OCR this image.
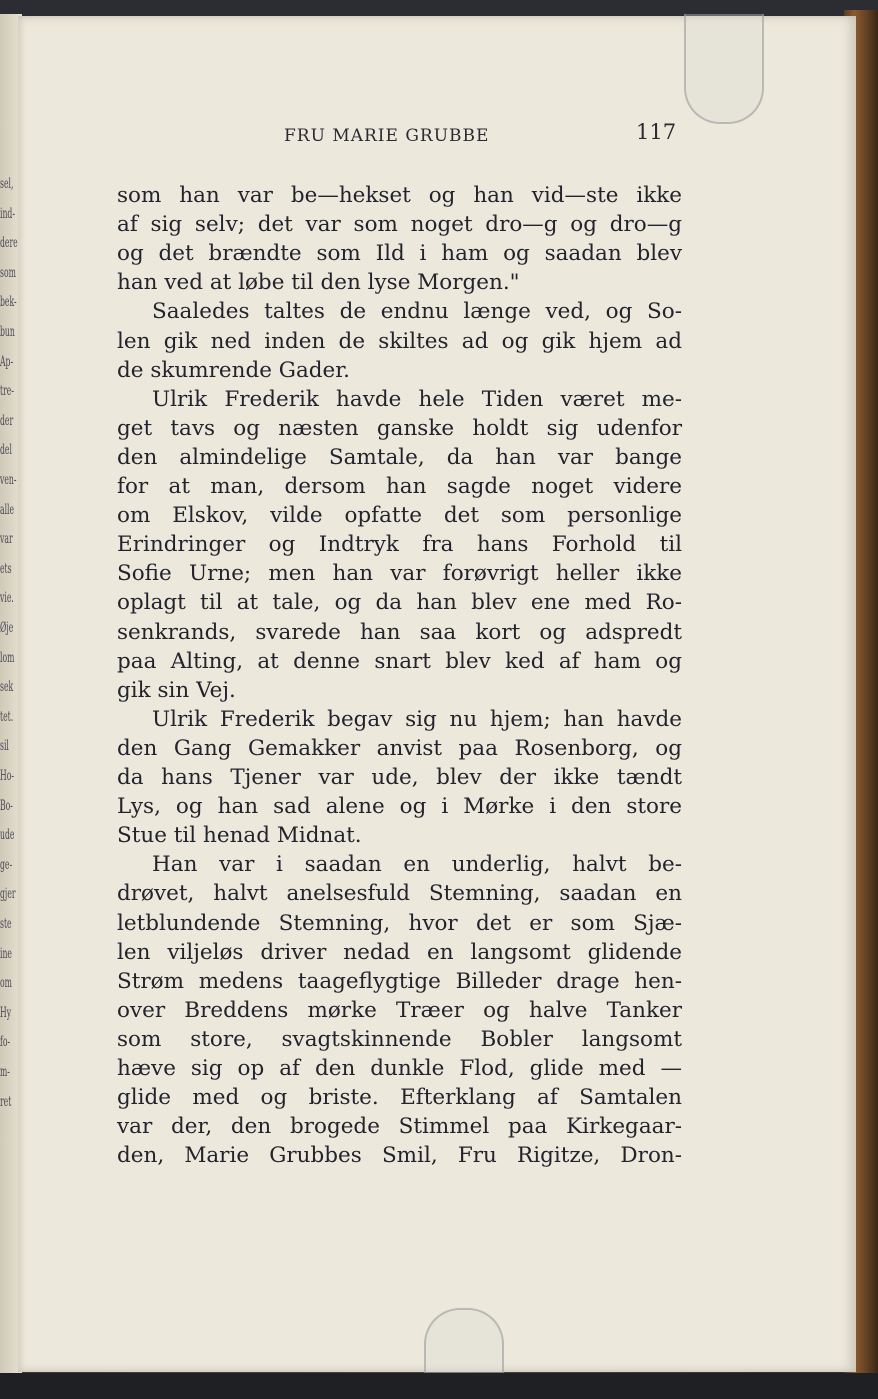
sel,
ind-
dere
som
bek-
bun
Ap-
tre-
der
del
ven-
alle
var
ets
vie.
Øje
lom
sek
tet.
sil
Ho-
Bo-
ude
ge-
gjer
ste
ine
om
Hy
fo-
m-
ret
FRU MARIE GRUBBE	117
som han var be—hekset og han vid—ste ikke
af sig selv; det var som noget dro—g og dro—g
og det brændte som Ild i ham og saadan blev
han ved at løbe til den lyse Morgen."
Saaledes taltes de endnu længe ved, og So-
len gik ned inden de skiltes ad og gik hjem ad
de skumrende Gader.
Ulrik Frederik havde hele Tiden været me-
get tavs og næsten ganske holdt sig udenfor
den almindelige Samtale, da han var bange
for at man, dersom han sagde noget videre
om Elskov, vilde opfatte det som personlige
Erindringer og Indtryk fra hans Forhold til
Sofie Urne; men han var forøvrigt heller ikke
oplagt til at tale, og da han blev ene med Ro-
senkrands, svarede han saa kort og adspredt
paa Alting, at denne snart blev ked af ham og
gik sin Vej.
Ulrik Frederik begav sig nu hjem; han havde
den Gang Gemakker anvist paa Rosenborg, og
da hans Tjener var ude, blev der ikke tændt
Lys, og han sad alene og i Mørke i den store
Stue til henad Midnat.
Han var i saadan en underlig, halvt be-
drøvet, halvt anelsesfuld Stemning, saadan en
letblundende Stemning, hvor det er som Sjæ-
len viljeløs driver nedad en langsomt glidende
Strøm medens taageflygtige Billeder drage hen-
over Breddens mørke Træer og halve Tanker
som store, svagtskinnende Bobler langsomt
hæve sig op af den dunkle Flod, glide med —
glide med og briste. Efterklang af Samtalen
var der, den brogede Stimmel paa Kirkegaar-
den, Marie Grubbes Smil, Fru Rigitze, Dron-
